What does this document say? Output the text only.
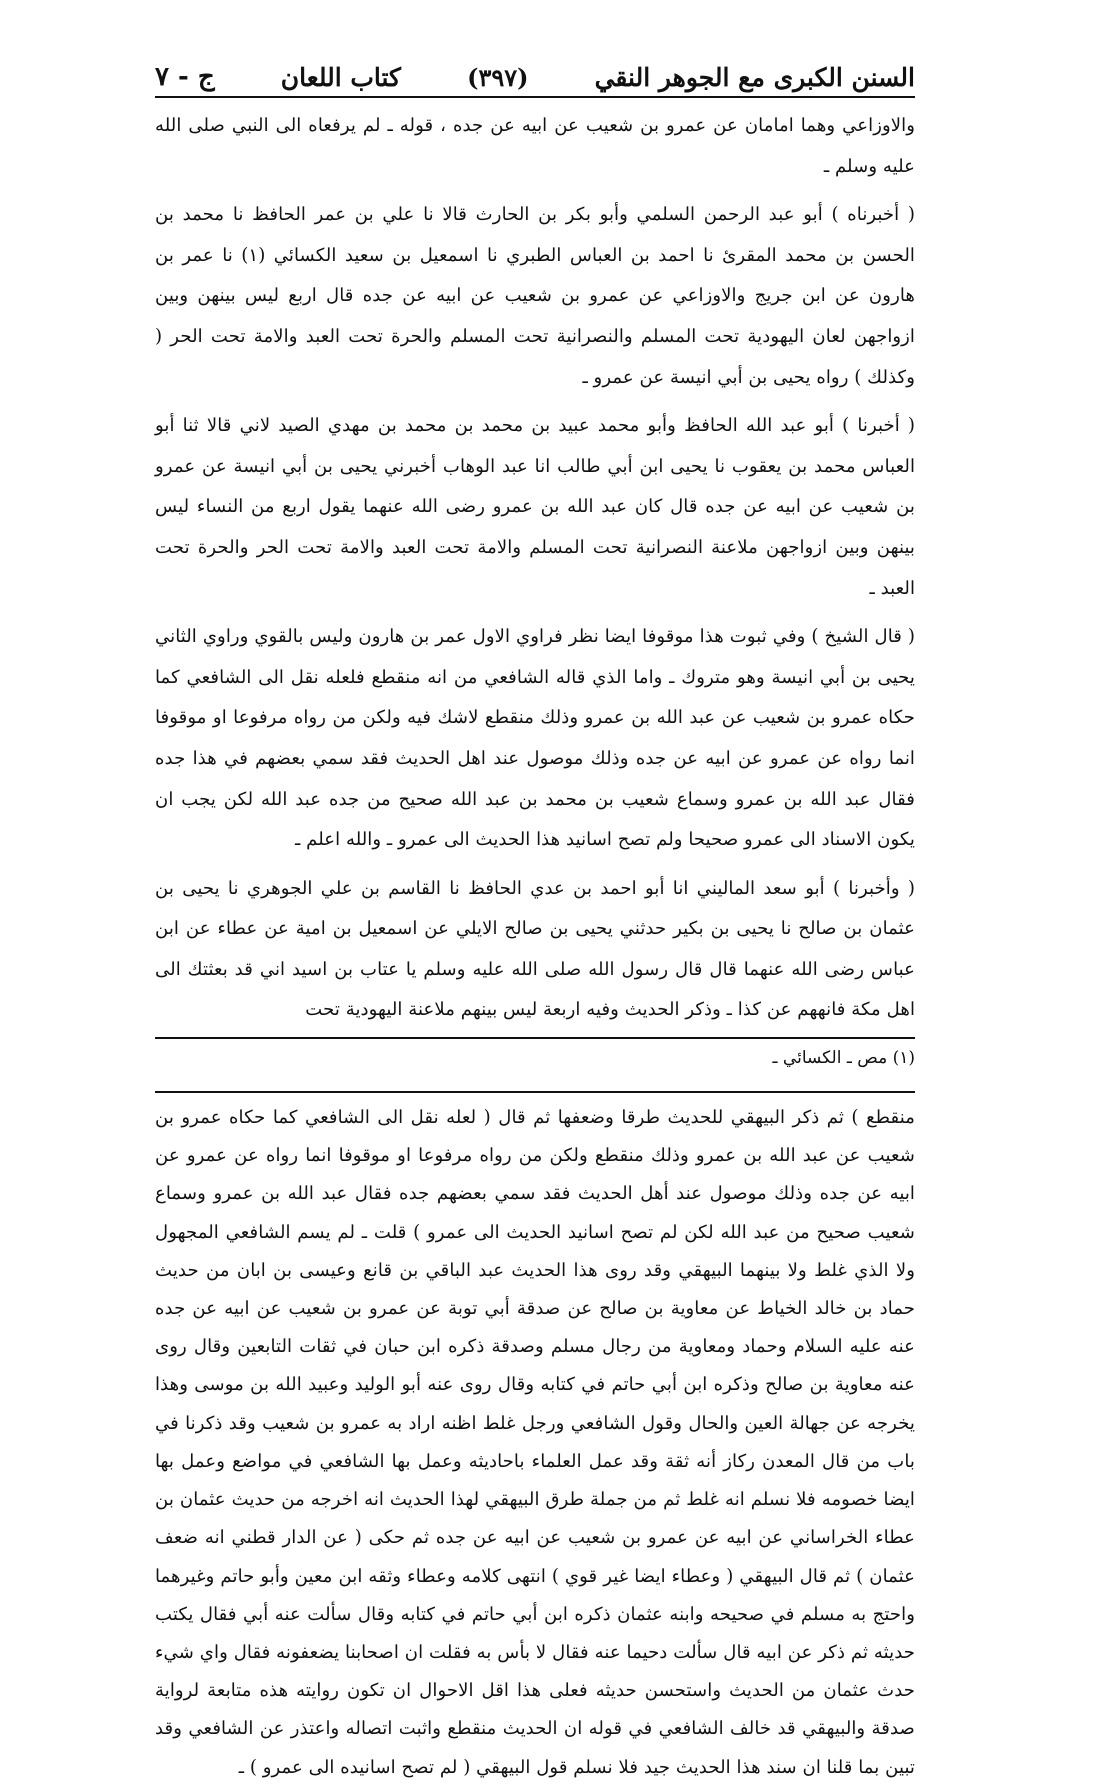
السنن الكبرى مع الجوهر النقي
(٣٩٧)
كتاب اللعان
ج - ٧

والاوزاعي وهما امامان عن عمرو بن شعيب عن ابيه عن جده ، قوله ـ لم يرفعاه الى النبي صلى الله عليه وسلم ـ

( أخبرناه ) أبو عبد الرحمن السلمي وأبو بكر بن الحارث قالا نا علي بن عمر الحافظ نا محمد بن الحسن بن محمد المقرئ نا احمد بن العباس الطبري نا اسمعيل بن سعيد الكسائي (١) نا عمر بن هارون عن ابن جريج والاوزاعي عن عمرو بن شعيب عن ابيه عن جده قال اربع ليس بينهن وبين ازواجهن لعان اليهودية تحت المسلم والنصرانية تحت المسلم والحرة تحت العبد والامة تحت الحر ( وكذلك ) رواه يحيى بن أبي انيسة عن عمرو ـ

( أخبرنا ) أبو عبد الله الحافظ وأبو محمد عبيد بن محمد بن محمد بن مهدي الصيد لاني قالا ثنا أبو العباس محمد بن يعقوب نا يحيى ابن أبي طالب انا عبد الوهاب أخبرني يحيى بن أبي انيسة عن عمرو بن شعيب عن ابيه عن جده قال كان عبد الله بن عمرو رضى الله عنهما يقول اربع من النساء ليس بينهن وبين ازواجهن ملاعنة النصرانية تحت المسلم والامة تحت العبد والامة تحت الحر والحرة تحت العبد ـ

( قال الشيخ ) وفي ثبوت هذا موقوفا ايضا نظر فراوي الاول عمر بن هارون وليس بالقوي وراوي الثاني يحيى بن أبي انيسة وهو متروك ـ واما الذي قاله الشافعي من انه منقطع فلعله نقل الى الشافعي كما حكاه عمرو بن شعيب عن عبد الله بن عمرو وذلك منقطع لاشك فيه ولكن من رواه مرفوعا او موقوفا انما رواه عن عمرو عن ابيه عن جده وذلك موصول عند اهل الحديث فقد سمي بعضهم في هذا جده فقال عبد الله بن عمرو وسماع شعيب بن محمد بن عبد الله صحيح من جده عبد الله لكن يجب ان يكون الاسناد الى عمرو صحيحا ولم تصح اسانيد هذا الحديث الى عمرو ـ والله اعلم ـ

( وأخبرنا ) أبو سعد الماليني انا أبو احمد بن عدي الحافظ نا القاسم بن علي الجوهري نا يحيى بن عثمان بن صالح نا يحيى بن بكير حدثني يحيى بن صالح الايلي عن اسمعيل بن امية عن عطاء عن ابن عباس رضى الله عنهما قال قال رسول الله صلى الله عليه وسلم يا عتاب بن اسيد اني قد بعثتك الى اهل مكة فانههم عن كذا ـ وذكر الحديث وفيه اربعة ليس بينهم ملاعنة اليهودية تحت

(١) مص ـ الكسائي ـ
منقطع ) ثم ذكر البيهقي للحديث طرقا وضعفها ثم قال ( لعله نقل الى الشافعي كما حكاه عمرو بن شعيب عن عبد الله بن عمرو وذلك منقطع ولكن من رواه مرفوعا او موقوفا انما رواه عن عمرو عن ابيه عن جده وذلك موصول عند أهل الحديث فقد سمي بعضهم جده فقال عبد الله بن عمرو وسماع شعيب صحيح من عبد الله لكن لم تصح اسانيد الحديث الى عمرو ) قلت ـ لم يسم الشافعي المجهول ولا الذي غلط ولا بينهما البيهقي وقد روى هذا الحديث عبد الباقي بن قانع وعيسى بن ابان من حديث حماد بن خالد الخياط عن معاوية بن صالح عن صدقة أبي توبة عن عمرو بن شعيب عن ابيه عن جده عنه عليه السلام وحماد ومعاوية من رجال مسلم وصدقة ذكره ابن حبان في ثقات التابعين وقال روى عنه معاوية بن صالح وذكره ابن أبي حاتم في كتابه وقال روى عنه أبو الوليد وعبيد الله بن موسى وهذا يخرجه عن جهالة العين والحال وقول الشافعي ورجل غلط اظنه اراد به عمرو بن شعيب وقد ذكرنا في باب من قال المعدن ركاز أنه ثقة وقد عمل العلماء باحاديثه وعمل بها الشافعي في مواضع وعمل بها ايضا خصومه فلا نسلم انه غلط ثم من جملة طرق البيهقي لهذا الحديث انه اخرجه من حديث عثمان بن عطاء الخراساني عن ابيه عن عمرو بن شعيب عن ابيه عن جده ثم حكى ( عن الدار قطني انه ضعف عثمان ) ثم قال البيهقي ( وعطاء ايضا غير قوي ) انتهى كلامه وعطاء وثقه ابن معين وأبو حاتم وغيرهما واحتج به مسلم في صحيحه وابنه عثمان ذكره ابن أبي حاتم في كتابه وقال سألت عنه أبي فقال يكتب حديثه ثم ذكر عن ابيه قال سألت دحيما عنه فقال لا بأس به فقلت ان اصحابنا يضعفونه فقال واي شيء حدث عثمان من الحديث واستحسن حديثه فعلى هذا اقل الاحوال ان تكون روايته هذه متابعة لرواية صدقة والبيهقي قد خالف الشافعي في قوله ان الحديث منقطع واثبت اتصاله واعتذر عن الشافعي وقد تبين بما قلنا ان سند هذا الحديث جيد فلا نسلم قول البيهقي ( لم تصح اسانيده الى عمرو ) ـ
